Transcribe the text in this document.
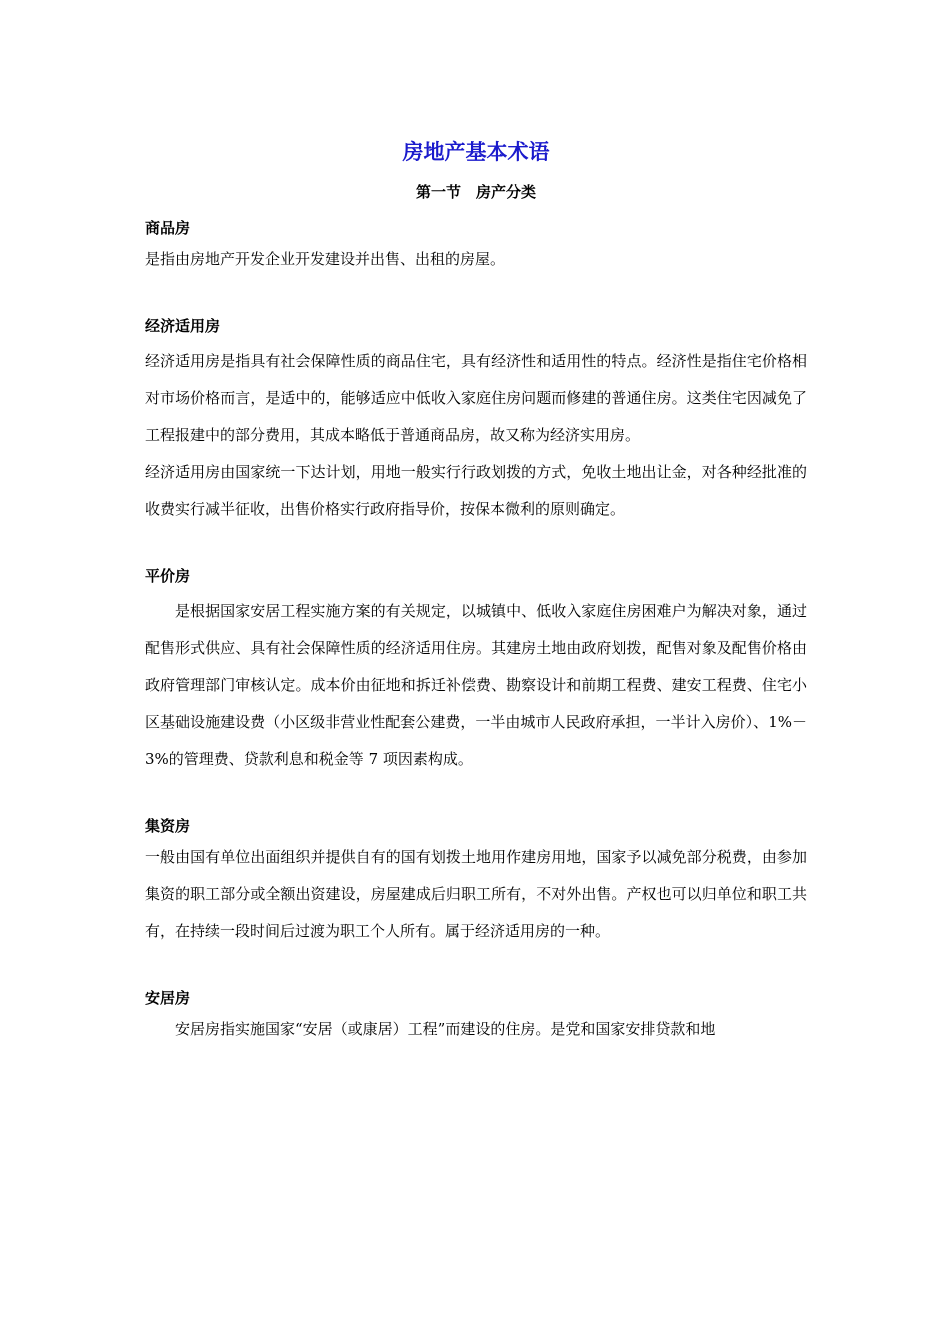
房地产基本术语
第一节　房产分类
商品房

是指由房地产开发企业开发建设并出售、出租的房屋。

经济适用房

经济适用房是指具有社会保障性质的商品住宅，具有经济性和适用性的特点。经济性是指住宅价格相对市场价格而言，是适中的，能够适应中低收入家庭住房问题而修建的普通住房。这类住宅因减免了工程报建中的部分费用，其成本略低于普通商品房，故又称为经济实用房。

经济适用房由国家统一下达计划，用地一般实行行政划拨的方式，免收土地出让金，对各种经批准的收费实行减半征收，出售价格实行政府指导价，按保本微利的原则确定。

平价房

是根据国家安居工程实施方案的有关规定，以城镇中、低收入家庭住房困难户为解决对象，通过配售形式供应、具有社会保障性质的经济适用住房。其建房土地由政府划拨，配售对象及配售价格由政府管理部门审核认定。成本价由征地和拆迁补偿费、勘察设计和前期工程费、建安工程费、住宅小区基础设施建设费（小区级非营业性配套公建费，一半由城市人民政府承担，一半计入房价）、1%－3%的管理费、贷款利息和税金等 7 项因素构成。

集资房

一般由国有单位出面组织并提供自有的国有划拨土地用作建房用地，国家予以减免部分税费，由参加集资的职工部分或全额出资建设，房屋建成后归职工所有，不对外出售。产权也可以归单位和职工共有，在持续一段时间后过渡为职工个人所有。属于经济适用房的一种。

安居房

安居房指实施国家“安居（或康居）工程”而建设的住房。是党和国家安排贷款和地
